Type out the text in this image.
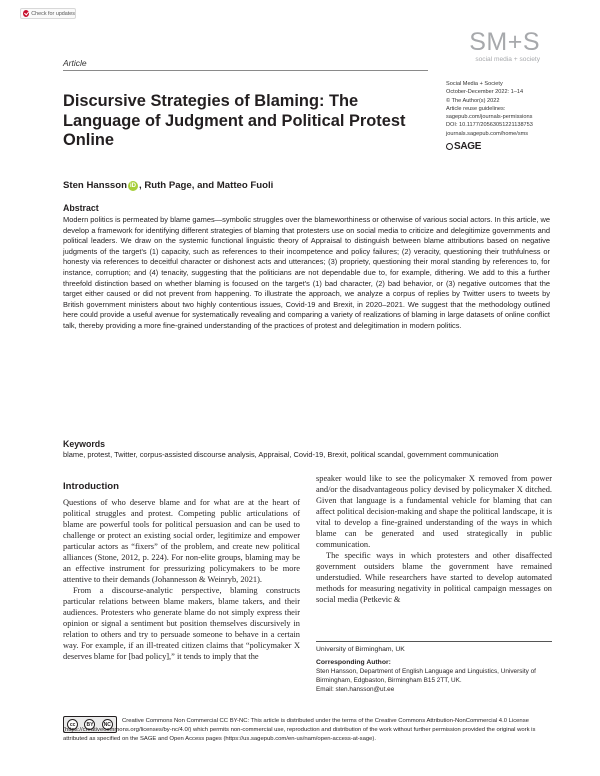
Check for updates
Article
SM+S
social media + society
Social Media + Society
October-December 2022: 1–14
© The Author(s) 2022
Article reuse guidelines:
sagepub.com/journals-permissions
DOI: 10.1177/20563051221138753
journals.sagepub.com/home/sms
SAGE
Discursive Strategies of Blaming: The Language of Judgment and Political Protest Online
Sten Hansson iD , Ruth Page, and Matteo Fuoli
Abstract

Modern politics is permeated by blame games—symbolic struggles over the blameworthiness or otherwise of various social actors. In this article, we develop a framework for identifying different strategies of blaming that protesters use on social media to criticize and delegitimize governments and political leaders. We draw on the systemic functional linguistic theory of Appraisal to distinguish between blame attributions based on negative judgments of the target's (1) capacity, such as references to their incompetence and policy failures; (2) veracity, questioning their truthfulness or honesty via references to deceitful character or dishonest acts and utterances; (3) propriety, questioning their moral standing by references to, for instance, corruption; and (4) tenacity, suggesting that the politicians are not dependable due to, for example, dithering. We add to this a further threefold distinction based on whether blaming is focused on the target's (1) bad character, (2) bad behavior, or (3) negative outcomes that the target either caused or did not prevent from happening. To illustrate the approach, we analyze a corpus of replies by Twitter users to tweets by British government ministers about two highly contentious issues, Covid-19 and Brexit, in 2020–2021. We suggest that the methodology outlined here could provide a useful avenue for systematically revealing and comparing a variety of realizations of blaming in large datasets of online conflict talk, thereby providing a more fine-grained understanding of the practices of protest and delegitimation in modern politics.

Keywords

blame, protest, Twitter, corpus-assisted discourse analysis, Appraisal, Covid-19, Brexit, political scandal, government communication

Introduction

Questions of who deserve blame and for what are at the heart of political struggles and protest. Competing public articulations of blame are powerful tools for political persuasion and can be used to challenge or protect an existing social order, legitimize and empower particular actors as “fixers” of the problem, and create new political alliances (Stone, 2012, p. 224). For non-elite groups, blaming may be an effective instrument for pressurizing policymakers to be more attentive to their demands (Johannesson & Weinryb, 2021).

From a discourse-analytic perspective, blaming constructs particular relations between blame makers, blame takers, and their audiences. Protesters who generate blame do not simply express their opinion or signal a sentiment but position themselves discursively in relation to others and try to persuade someone to behave in a certain way. For example, if an ill-treated citizen claims that “policymaker X deserves blame for [bad policy],” it tends to imply that the

speaker would like to see the policymaker X removed from power and/or the disadvantageous policy devised by policymaker X ditched. Given that language is a fundamental vehicle for blaming that can affect political decision-making and shape the political landscape, it is vital to develop a fine-grained understanding of the ways in which blame can be generated and used strategically in public communication.

The specific ways in which protesters and other disaffected government outsiders blame the government have remained understudied. While researchers have started to develop automated methods for measuring negativity in political campaign messages on social media (Petkevic &

University of Birmingham, UK
Corresponding Author:
Sten Hansson, Department of English Language and Linguistics, University of Birmingham, Edgbaston, Birmingham B15 2TT, UK.
Email: sten.hansson@ut.ee
cc	BY	NC

Creative Commons Non Commercial CC BY-NC: This article is distributed under the terms of the Creative Commons Attribution-NonCommercial 4.0 License (https://creativecommons.org/licenses/by-nc/4.0/) which permits non-commercial use, reproduction and distribution of the work without further permission provided the original work is attributed as specified on the SAGE and Open Access pages (https://us.sagepub.com/en-us/nam/open-access-at-sage).
